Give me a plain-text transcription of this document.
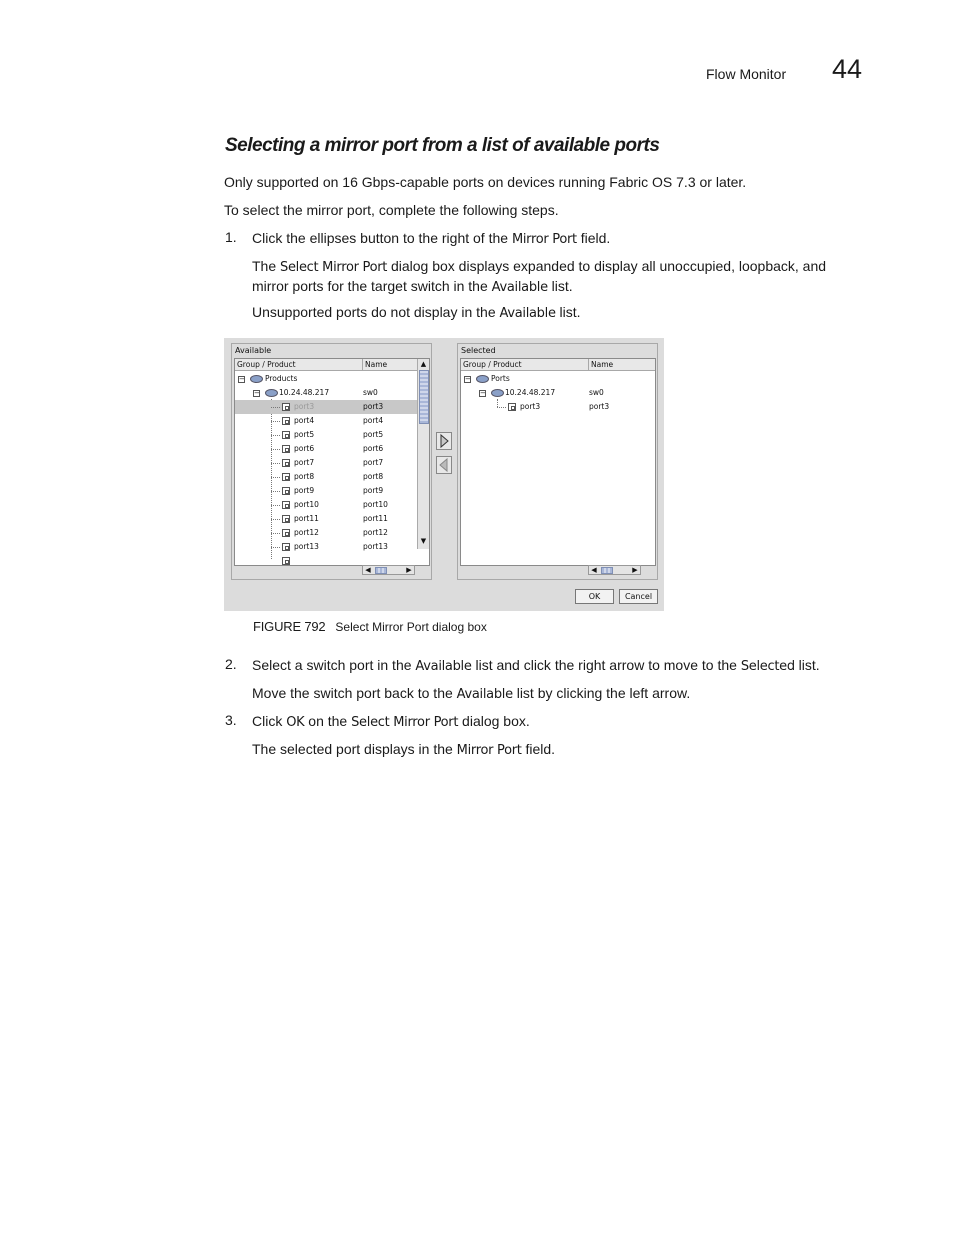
Flow Monitor 44
Selecting a mirror port from a list of available ports
Only supported on 16 Gbps-capable ports on devices running Fabric OS 7.3 or later.
To select the mirror port, complete the following steps.
1. Click the ellipses button to the right of the Mirror Port field.
The Select Mirror Port dialog box displays expanded to display all unoccupied, loopback, and
mirror ports for the target switch in the Available list.
Unsupported ports do not display in the Available list.
Available
Group / Product	Name
−	Products
−	10.24.48.217	sw0
port3	port3
port4	port4
port5	port5
port6	port6
port7	port7
port8	port8
port9	port9
port10	port10
port11	port11
port12	port12
port13	port13
▲
▼
◀	▶
Selected
Group / Product	Name
−	Ports
−	10.24.48.217	sw0
port3	port3
◀	▶
OK	Cancel
FIGURE 792 Select Mirror Port dialog box
2. Select a switch port in the Available list and click the right arrow to move to the Selected list.
Move the switch port back to the Available list by clicking the left arrow.
3. Click OK on the Select Mirror Port dialog box.
The selected port displays in the Mirror Port field.
